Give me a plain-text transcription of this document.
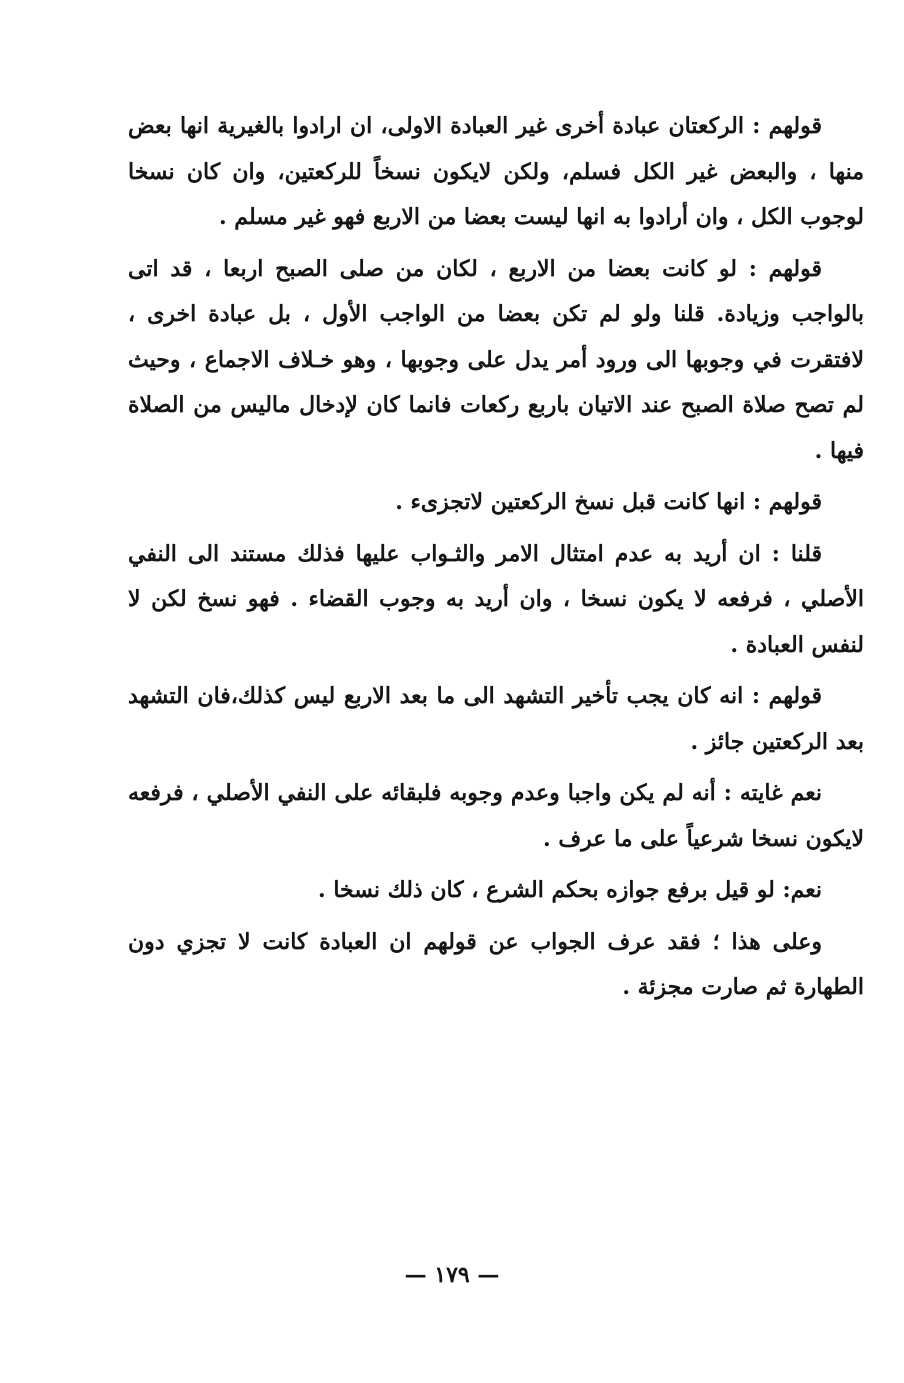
قولهم : الركعتان عبادة أخرى غير العبادة الاولى، ان ارادوا بالغيرية انها بعض منها ، والبعض غير الكل فسلم، ولكن لايكون نسخاً للركعتين، وان كان نسخا لوجوب الكل ، وان أرادوا به انها ليست بعضا من الاربع فهو غير مسلم .

قولهم : لو كانت بعضا من الاربع ، لكان من صلى الصبح اربعا ، قد اتى بالواجب وزيادة. قلنا ولو لم تكن بعضا من الواجب الأول ، بل عبادة اخرى ، لافتقرت في وجوبها الى ورود أمر يدل على وجوبها ، وهو خـلاف الاجماع ، وحيث لم تصح صلاة الصبح عند الاتيان باربع ركعات فانما كان لإدخال ماليس من الصلاة فيها .

قولهم : انها كانت قبل نسخ الركعتين لاتجزىء .

قلنا : ان أريد به عدم امتثال الامر والثـواب عليها فذلك مستند الى النفي الأصلي ، فرفعه لا يكون نسخا ، وان أريد به وجوب القضاء . فهو نسخ لكن لا لنفس العبادة .

قولهم : انه كان يجب تأخير التشهد الى ما بعد الاربع ليس كذلك،فان التشهد بعد الركعتين جائز .

نعم غايته : أنه لم يكن واجبا وعدم وجوبه فلبقائه على النفي الأصلي ، فرفعه لايكون نسخا شرعياً على ما عرف .

نعم: لو قيل برفع جوازه بحكم الشرع ، كان ذلك نسخا .

وعلى هذا ؛ فقد عرف الجواب عن قولهم ان العبادة كانت لا تجزي دون الطهارة ثم صارت مجزئة .

— ١٧٩ —
